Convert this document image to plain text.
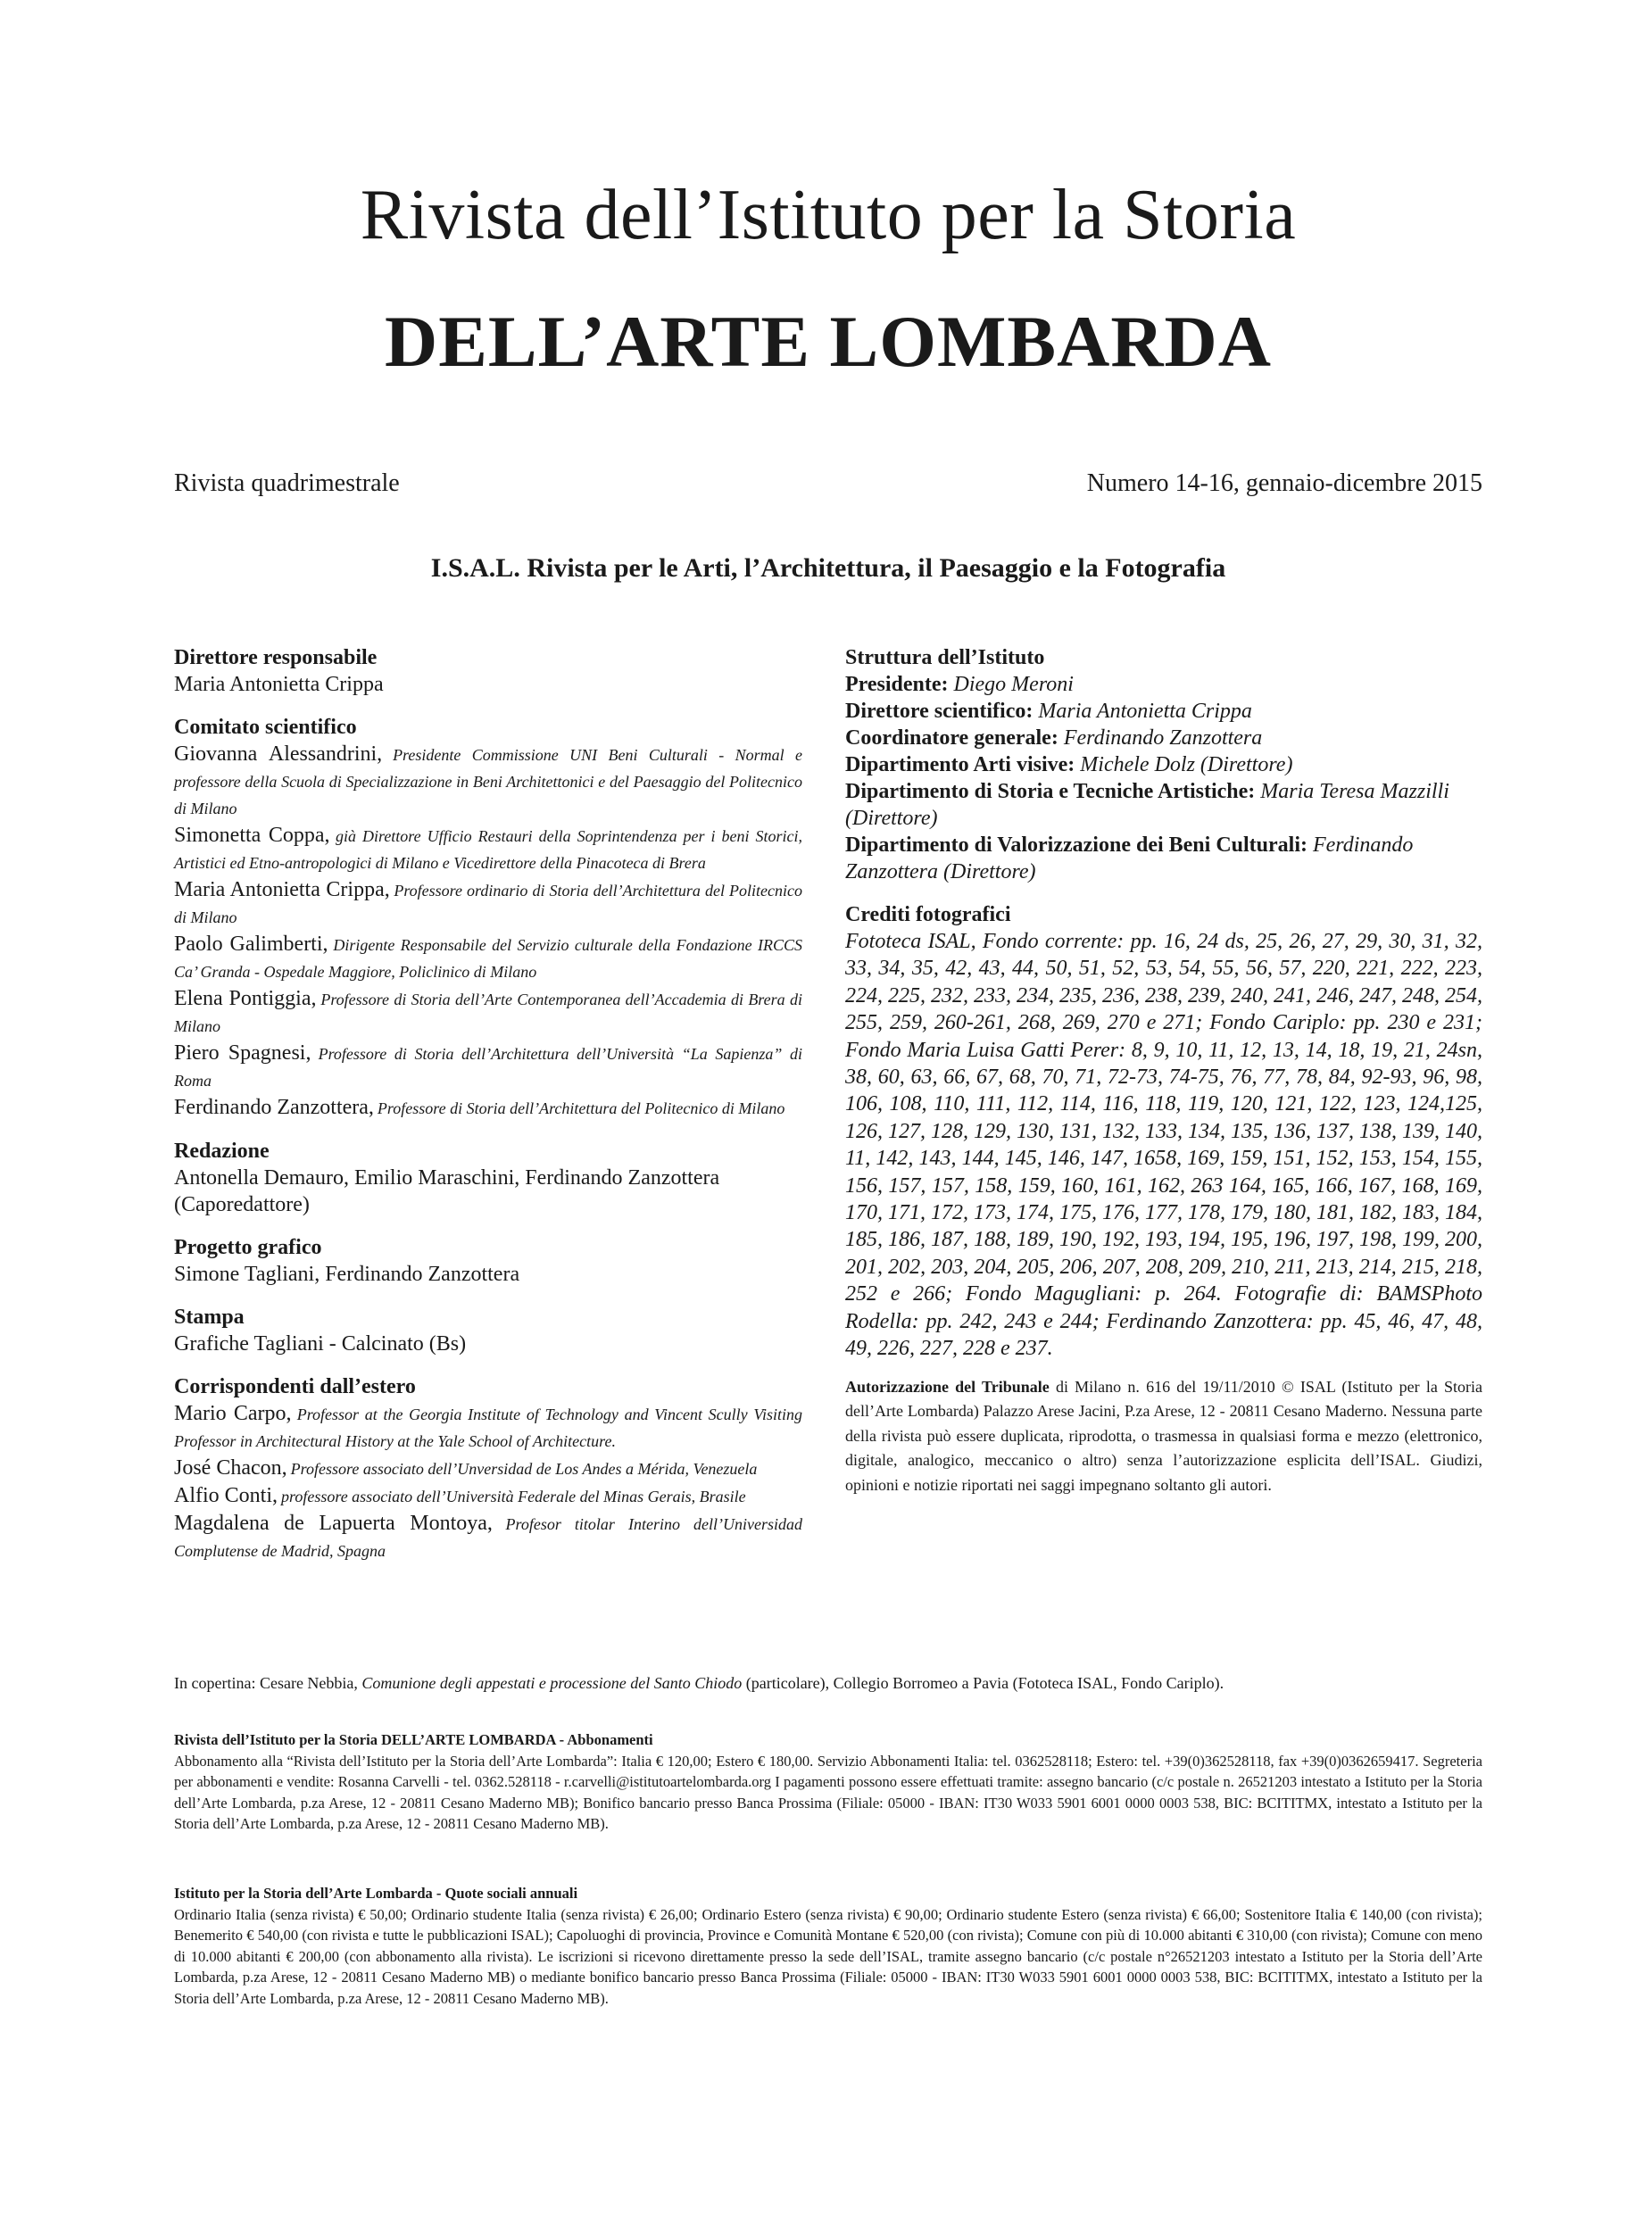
Rivista dell’Istituto per la Storia
DELL’ARTE LOMBARDA
Rivista quadrimestrale	Numero 14-16, gennaio-dicembre 2015
I.S.A.L. Rivista per le Arti, l’Architettura, il Paesaggio e la Fotografia
Direttore responsabile
Maria Antonietta Crippa
Comitato scientifico
Giovanna Alessandrini, Presidente Commissione UNI Beni Culturali - Normal e professore della Scuola di Specializzazione in Beni Architettonici e del Paesaggio del Politecnico di Milano
Simonetta Coppa, già Direttore Ufficio Restauri della Soprintendenza per i beni Storici, Artistici ed Etno-antropologici di Milano e Vicedirettore della Pinacoteca di Brera
Maria Antonietta Crippa, Professore ordinario di Storia dell’Architettura del Politecnico di Milano
Paolo Galimberti, Dirigente Responsabile del Servizio culturale della Fondazione IRCCS Ca’ Granda - Ospedale Maggiore, Policlinico di Milano
Elena Pontiggia, Professore di Storia dell’Arte Contemporanea dell’Accademia di Brera di Milano
Piero Spagnesi, Professore di Storia dell’Architettura dell’Università “La Sapienza” di Roma
Ferdinando Zanzottera, Professore di Storia dell’Architettura del Politecnico di Milano
Redazione
Antonella Demauro, Emilio Maraschini, Ferdinando Zanzottera (Caporedattore)
Progetto grafico
Simone Tagliani, Ferdinando Zanzottera
Stampa
Grafiche Tagliani - Calcinato (Bs)
Corrispondenti dall’estero
Mario Carpo, Professor at the Georgia Institute of Technology and Vincent Scully Visiting Professor in Architectural History at the Yale School of Architecture.
José Chacon, Professore associato dell’Unversidad de Los Andes a Mérida, Venezuela
Alfio Conti, professore associato dell’Università Federale del Minas Gerais, Brasile
Magdalena de Lapuerta Montoya, Profesor titolar Interino dell’Universidad Complutense de Madrid, Spagna
Struttura dell’Istituto
Presidente: Diego Meroni
Direttore scientifico: Maria Antonietta Crippa
Coordinatore generale: Ferdinando Zanzottera
Dipartimento Arti visive: Michele Dolz (Direttore)
Dipartimento di Storia e Tecniche Artistiche: Maria Teresa Mazzilli (Direttore)
Dipartimento di Valorizzazione dei Beni Culturali: Ferdinando Zanzottera (Direttore)
Crediti fotografici
Fototeca ISAL, Fondo corrente: pp. 16, 24 ds, 25, 26, 27, 29, 30, 31, 32, 33, 34, 35, 42, 43, 44, 50, 51, 52, 53, 54, 55, 56, 57, 220, 221, 222, 223, 224, 225, 232, 233, 234, 235, 236, 238, 239, 240, 241, 246, 247, 248, 254, 255, 259, 260-261, 268, 269, 270 e 271; Fondo Cariplo: pp. 230 e 231; Fondo Maria Luisa Gatti Perer: 8, 9, 10, 11, 12, 13, 14, 18, 19, 21, 24sn, 38, 60, 63, 66, 67, 68, 70, 71, 72-73, 74-75, 76, 77, 78, 84, 92-93, 96, 98, 106, 108, 110, 111, 112, 114, 116, 118, 119, 120, 121, 122, 123, 124,125, 126, 127, 128, 129, 130, 131, 132, 133, 134, 135, 136, 137, 138, 139, 140, 11, 142, 143, 144, 145, 146, 147, 1658, 169, 159, 151, 152, 153, 154, 155, 156, 157, 157, 158, 159, 160, 161, 162, 263 164, 165, 166, 167, 168, 169, 170, 171, 172, 173, 174, 175, 176, 177, 178, 179, 180, 181, 182, 183, 184, 185, 186, 187, 188, 189, 190, 192, 193, 194, 195, 196, 197, 198, 199, 200, 201, 202, 203, 204, 205, 206, 207, 208, 209, 210, 211, 213, 214, 215, 218, 252 e 266; Fondo Magugliani: p. 264. Fotografie di: BAMSPhoto Rodella: pp. 242, 243 e 244; Ferdinando Zanzottera: pp. 45, 46, 47, 48, 49, 226, 227, 228 e 237.
Autorizzazione del Tribunale di Milano n. 616 del 19/11/2010 © ISAL (Istituto per la Storia dell’Arte Lombarda) Palazzo Arese Jacini, P.za Arese, 12 - 20811 Cesano Maderno. Nessuna parte della rivista può essere duplicata, riprodotta, o trasmessa in qualsiasi forma e mezzo (elettronico, digitale, analogico, meccanico o altro) senza l’autorizzazione esplicita dell’ISAL. Giudizi, opinioni e notizie riportati nei saggi impegnano soltanto gli autori.
In copertina: Cesare Nebbia, Comunione degli appestati e processione del Santo Chiodo (particolare), Collegio Borromeo a Pavia (Fototeca ISAL, Fondo Cariplo).
Rivista dell’Istituto per la Storia DELL’ARTE LOMBARDA - Abbonamenti
Abbonamento alla “Rivista dell’Istituto per la Storia dell’Arte Lombarda”: Italia € 120,00; Estero € 180,00. Servizio Abbonamenti Italia: tel. 0362528118; Estero: tel. +39(0)362528118, fax +39(0)0362659417. Segreteria per abbonamenti e vendite: Rosanna Carvelli - tel. 0362.528118 - r.carvelli@istitutoartelombarda.org I pagamenti possono essere effettuati tramite: assegno bancario (c/c postale n. 26521203 intestato a Istituto per la Storia dell’Arte Lombarda, p.za Arese, 12 - 20811 Cesano Maderno MB); Bonifico bancario presso Banca Prossima (Filiale: 05000 - IBAN: IT30 W033 5901 6001 0000 0003 538, BIC: BCITITMX, intestato a Istituto per la Storia dell’Arte Lombarda, p.za Arese, 12 - 20811 Cesano Maderno MB).
Istituto per la Storia dell’Arte Lombarda - Quote sociali annuali
Ordinario Italia (senza rivista) € 50,00; Ordinario studente Italia (senza rivista) € 26,00; Ordinario Estero (senza rivista) € 90,00; Ordinario studente Estero (senza rivista) € 66,00; Sostenitore Italia € 140,00 (con rivista); Benemerito € 540,00 (con rivista e tutte le pubblicazioni ISAL); Capoluoghi di provincia, Province e Comunità Montane € 520,00 (con rivista); Comune con più di 10.000 abitanti € 310,00 (con rivista); Comune con meno di 10.000 abitanti € 200,00 (con abbonamento alla rivista). Le iscrizioni si ricevono direttamente presso la sede dell’ISAL, tramite assegno bancario (c/c postale n°26521203 intestato a Istituto per la Storia dell’Arte Lombarda, p.za Arese, 12 - 20811 Cesano Maderno MB) o mediante bonifico bancario presso Banca Prossima (Filiale: 05000 - IBAN: IT30 W033 5901 6001 0000 0003 538, BIC: BCITITMX, intestato a Istituto per la Storia dell’Arte Lombarda, p.za Arese, 12 - 20811 Cesano Maderno MB).
